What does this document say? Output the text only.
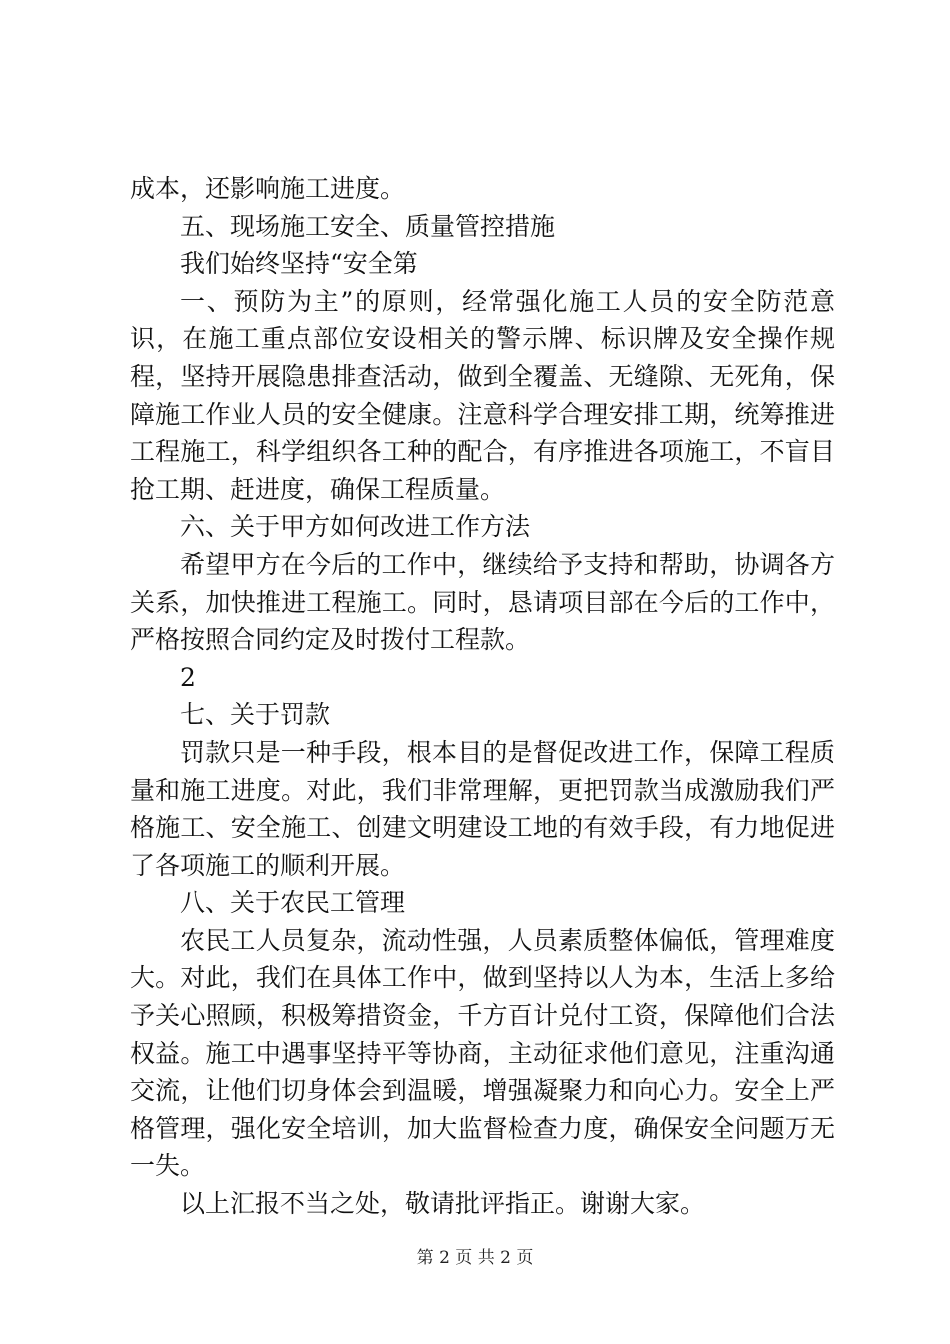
成本，还影响施工进度。

五、现场施工安全、质量管控措施

我们始终坚持“安全第

一、预防为主”的原则，经常强化施工人员的安全防范意识，在施工重点部位安设相关的警示牌、标识牌及安全操作规程，坚持开展隐患排查活动，做到全覆盖、无缝隙、无死角，保障施工作业人员的安全健康。注意科学合理安排工期，统筹推进工程施工，科学组织各工种的配合，有序推进各项施工，不盲目抢工期、赶进度，确保工程质量。

六、关于甲方如何改进工作方法

希望甲方在今后的工作中，继续给予支持和帮助，协调各方关系，加快推进工程施工。同时，恳请项目部在今后的工作中，严格按照合同约定及时拨付工程款。

2

七、关于罚款

罚款只是一种手段，根本目的是督促改进工作，保障工程质量和施工进度。对此，我们非常理解，更把罚款当成激励我们严格施工、安全施工、创建文明建设工地的有效手段，有力地促进了各项施工的顺利开展。

八、关于农民工管理

农民工人员复杂，流动性强，人员素质整体偏低，管理难度大。对此，我们在具体工作中，做到坚持以人为本，生活上多给予关心照顾，积极筹措资金，千方百计兑付工资，保障他们合法权益。施工中遇事坚持平等协商，主动征求他们意见，注重沟通交流，让他们切身体会到温暖，增强凝聚力和向心力。安全上严格管理，强化安全培训，加大监督检查力度，确保安全问题万无一失。

以上汇报不当之处，敬请批评指正。谢谢大家。

第 2 页 共 2 页
